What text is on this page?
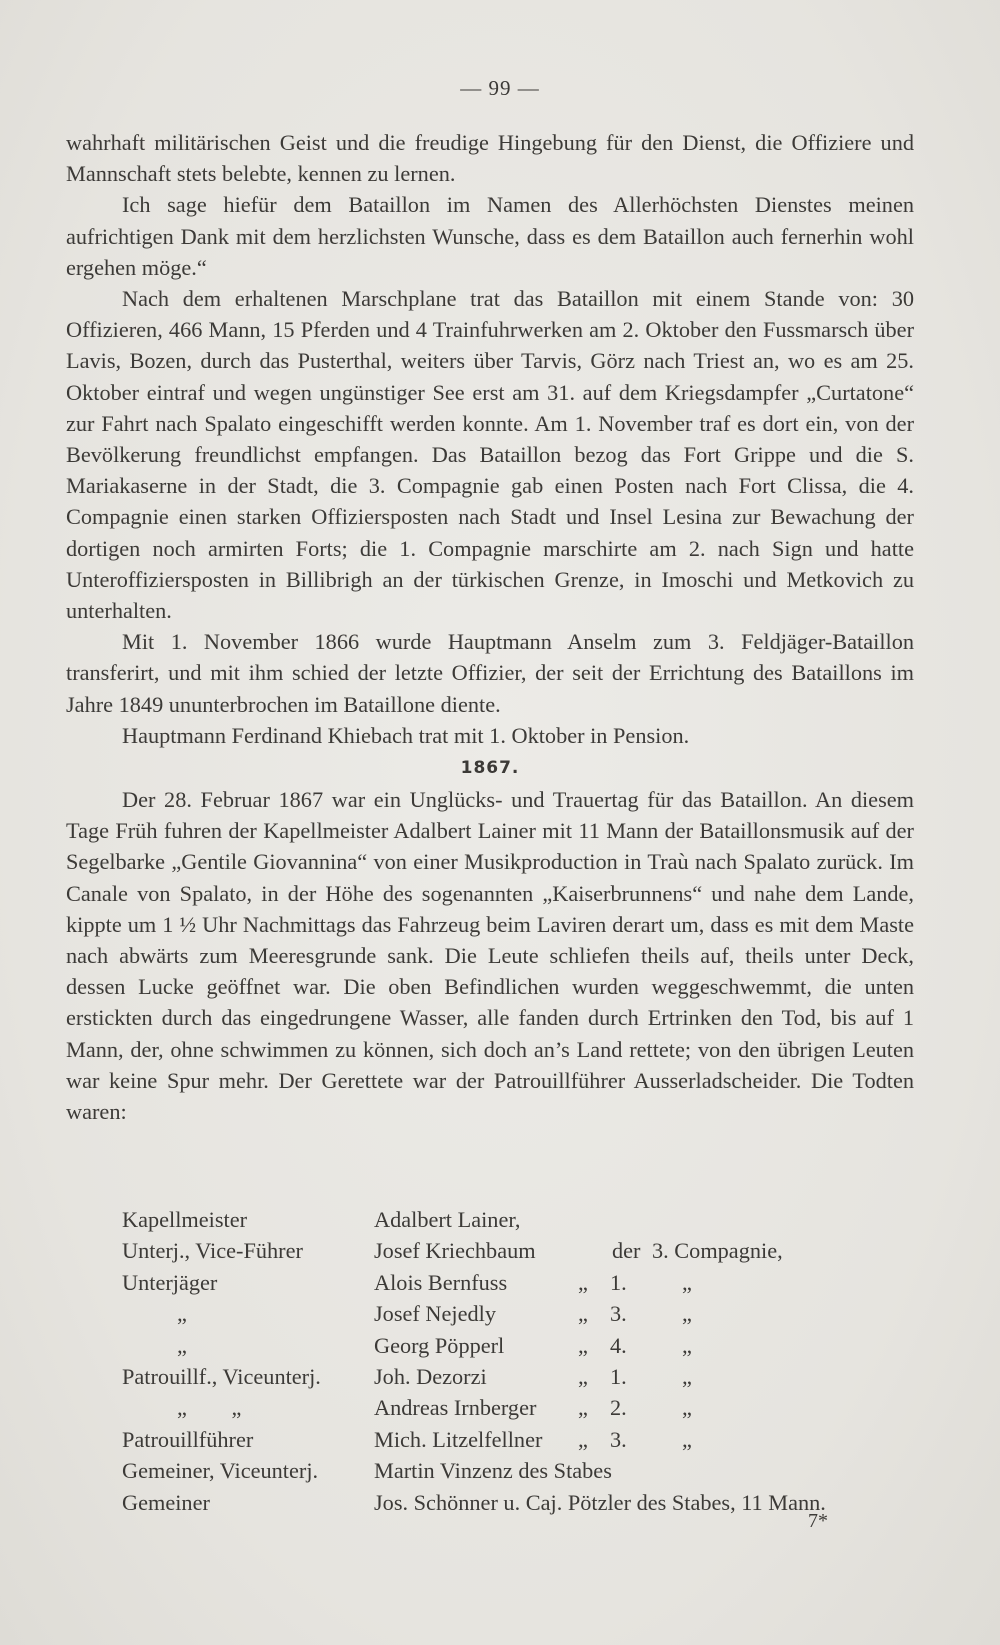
— 99 —

wahrhaft militärischen Geist und die freudige Hingebung für den Dienst, die Offiziere und Mannschaft stets belebte, kennen zu lernen.

Ich sage hiefür dem Bataillon im Namen des Allerhöchsten Dienstes meinen aufrichtigen Dank mit dem herzlichsten Wunsche, dass es dem Bataillon auch fernerhin wohl ergehen möge.“

Nach dem erhaltenen Marschplane trat das Bataillon mit einem Stande von: 30 Offizieren, 466 Mann, 15 Pferden und 4 Trainfuhrwerken am 2. Oktober den Fussmarsch über Lavis, Bozen, durch das Pusterthal, weiters über Tarvis, Görz nach Triest an, wo es am 25. Oktober eintraf und wegen ungünstiger See erst am 31. auf dem Kriegsdampfer „Curtatone“ zur Fahrt nach Spalato eingeschifft werden konnte. Am 1. November traf es dort ein, von der Bevölkerung freundlichst empfangen. Das Bataillon bezog das Fort Grippe und die S. Mariakaserne in der Stadt, die 3. Compagnie gab einen Posten nach Fort Clissa, die 4. Compagnie einen starken Offiziersposten nach Stadt und Insel Lesina zur Bewachung der dortigen noch armirten Forts; die 1. Compagnie marschirte am 2. nach Sign und hatte Unteroffiziersposten in Billibrigh an der türkischen Grenze, in Imoschi und Metkovich zu unterhalten.

Mit 1. November 1866 wurde Hauptmann Anselm zum 3. Feldjäger-Bataillon transferirt, und mit ihm schied der letzte Offizier, der seit der Errichtung des Bataillons im Jahre 1849 ununterbrochen im Bataillone diente.

Hauptmann Ferdinand Khiebach trat mit 1. Oktober in Pension.

1867.

Der 28. Februar 1867 war ein Unglücks- und Trauertag für das Bataillon. An diesem Tage Früh fuhren der Kapellmeister Adalbert Lainer mit 11 Mann der Bataillonsmusik auf der Segelbarke „Gentile Giovannina“ von einer Musikproduction in Traù nach Spalato zurück. Im Canale von Spalato, in der Höhe des sogenannten „Kaiserbrunnens“ und nahe dem Lande, kippte um 1 ½ Uhr Nachmittags das Fahrzeug beim Laviren derart um, dass es mit dem Maste nach abwärts zum Meeresgrunde sank. Die Leute schliefen theils auf, theils unter Deck, dessen Lucke geöffnet war. Die oben Befindlichen wurden weggeschwemmt, die unten erstickten durch das eingedrungene Wasser, alle fanden durch Ertrinken den Tod, bis auf 1 Mann, der, ohne schwimmen zu können, sich doch an’s Land rettete; von den übrigen Leuten war keine Spur mehr. Der Gerettete war der Patrouillführer Ausserladscheider. Die Todten waren:

Kapellmeister	Adalbert Lainer,
Unterj., Vice-Führer	Josef Kriechbaum	der 3. Compagnie,
Unterjäger	Alois Bernfuss	„ 1. „
„	Josef Nejedly	„ 3. „
„	Georg Pöpperl	„ 4. „
Patrouillf., Viceunterj. Joh. Dezorzi	„ 1. „
„        „	Andreas Irnberger „ 2. „
Patrouillführer	Mich. Litzelfellner „ 3. „
Gemeiner, Viceunterj.	Martin Vinzenz des Stabes
Gemeiner	Jos. Schönner u. Caj. Pötzler des Stabes, 11 Mann.
7*
